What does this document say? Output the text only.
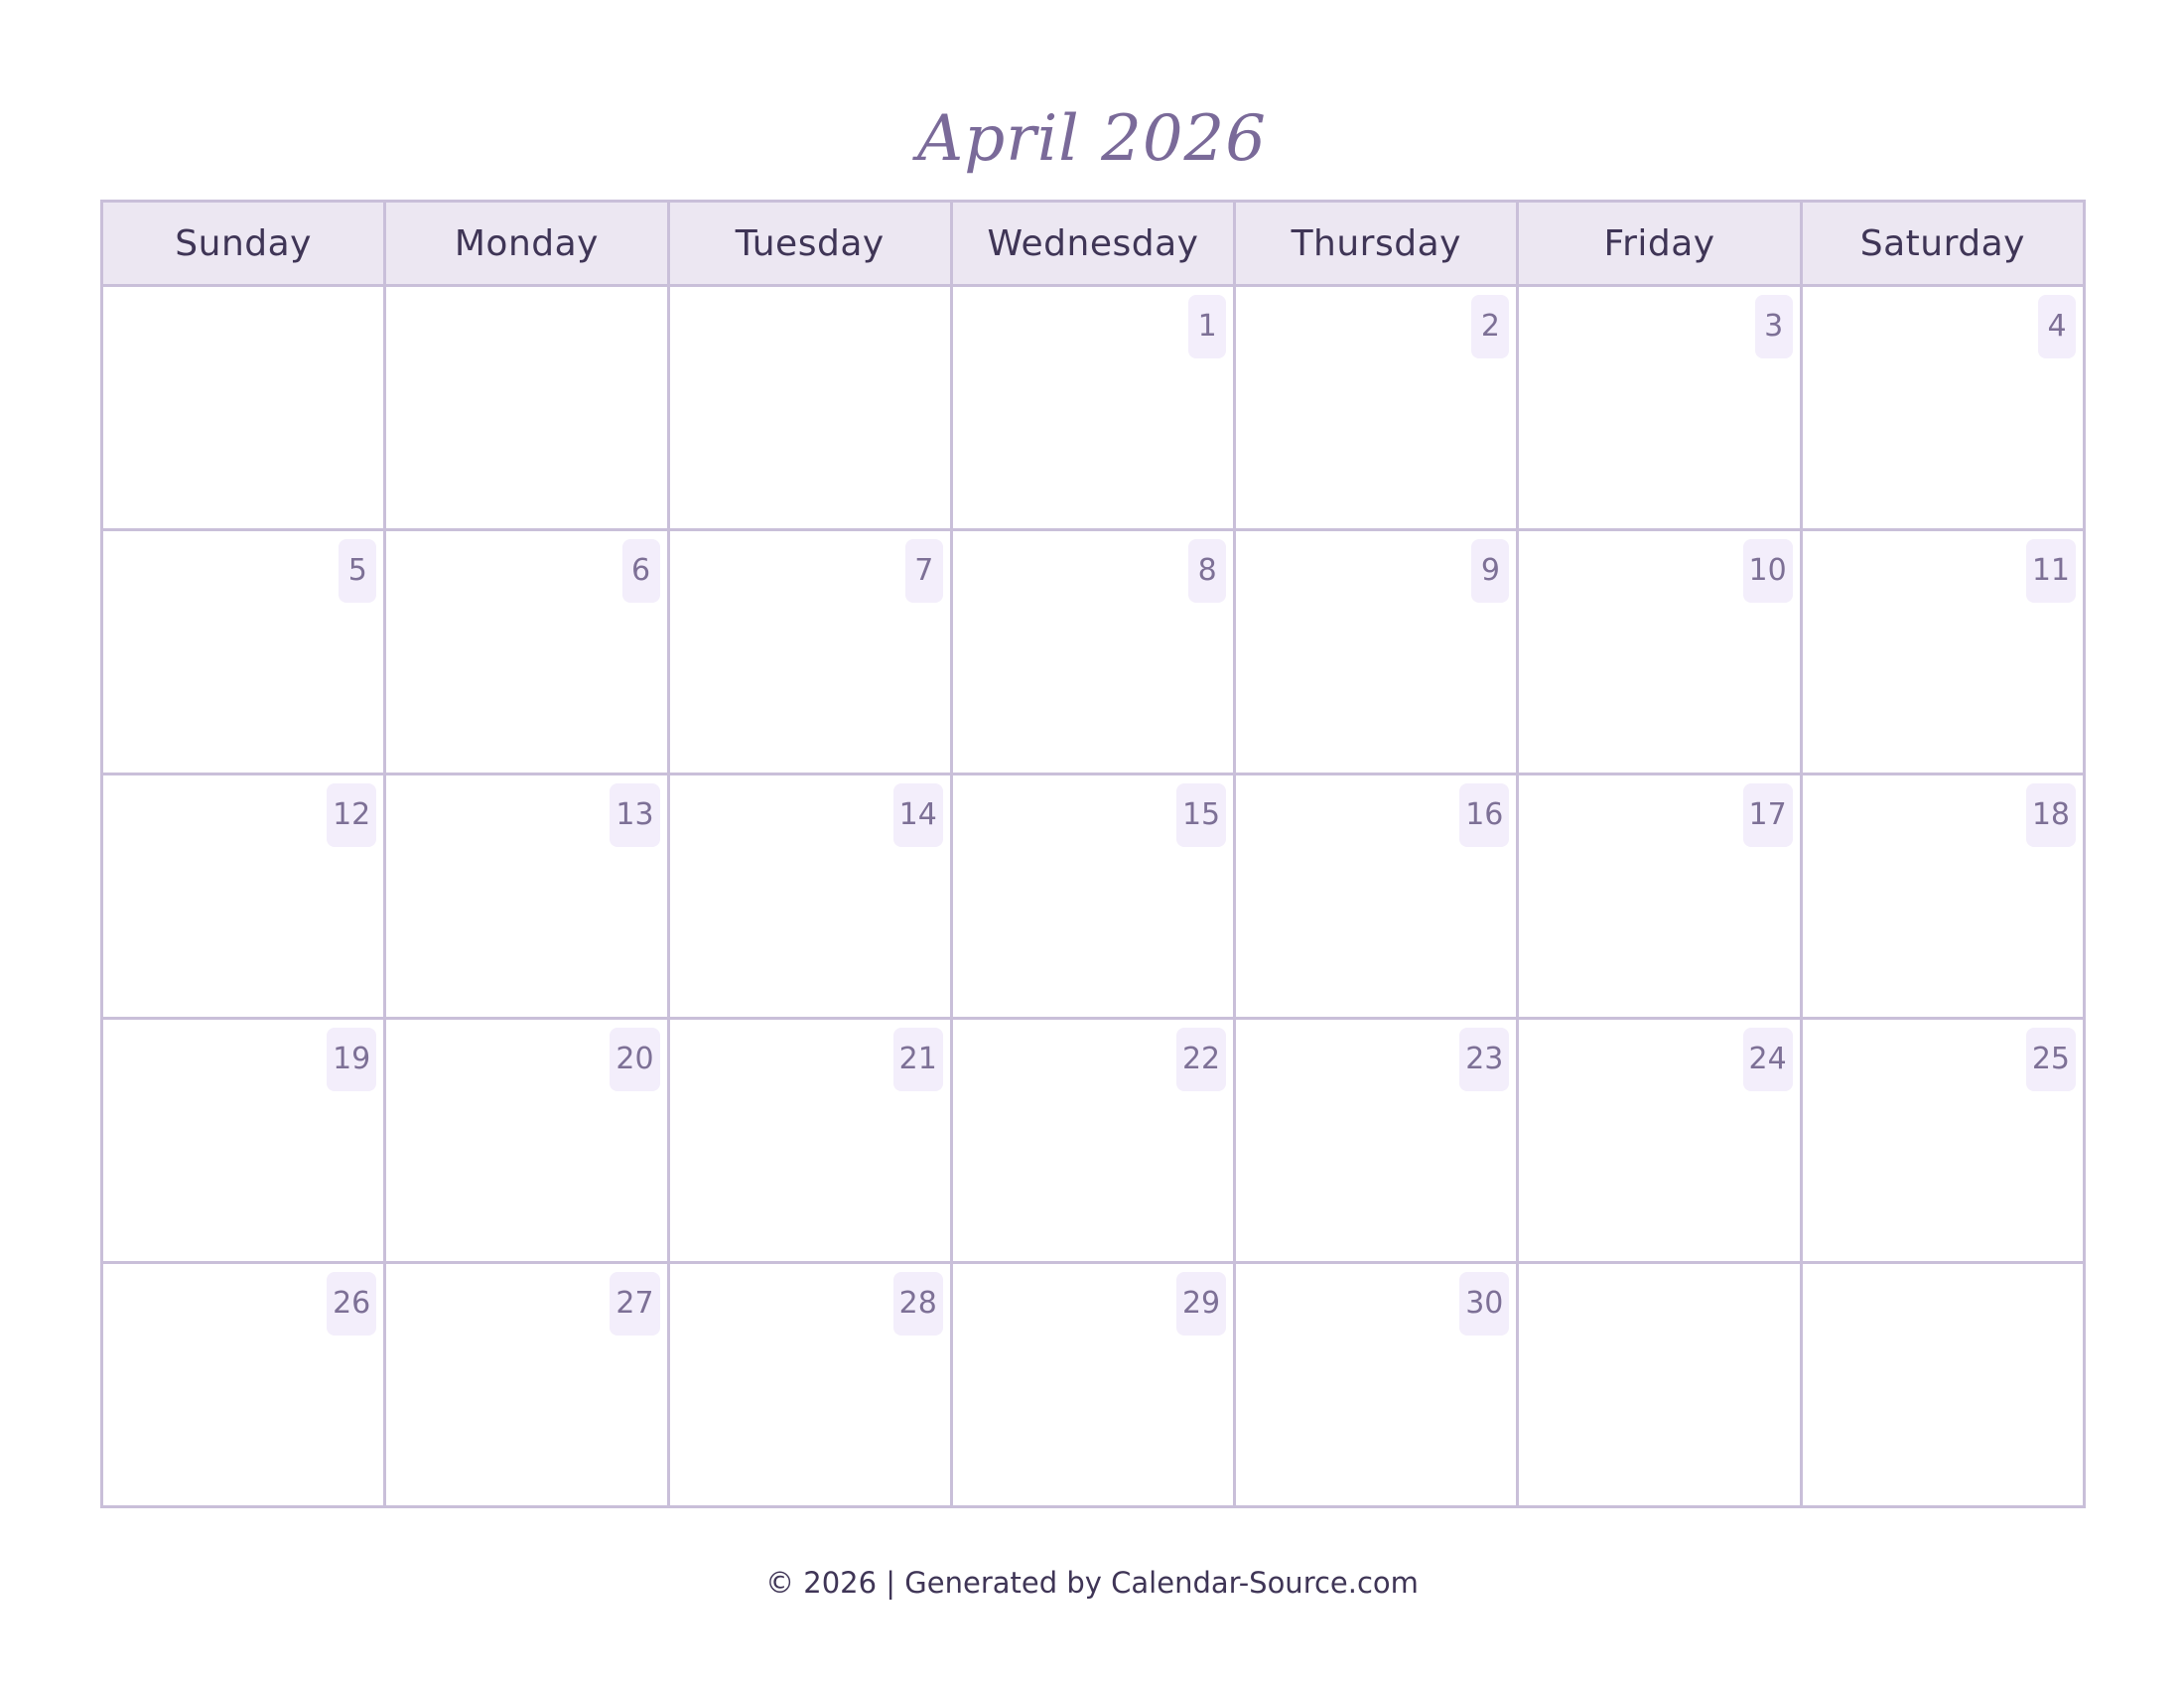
April 2026
Sunday	Monday	Tuesday	Wednesday	Thursday	Friday	Saturday
			1	2	3	4
5	6	7	8	9	10	11
12	13	14	15	16	17	18
19	20	21	22	23	24	25
26	27	28	29	30		
© 2026 | Generated by Calendar-Source.com
